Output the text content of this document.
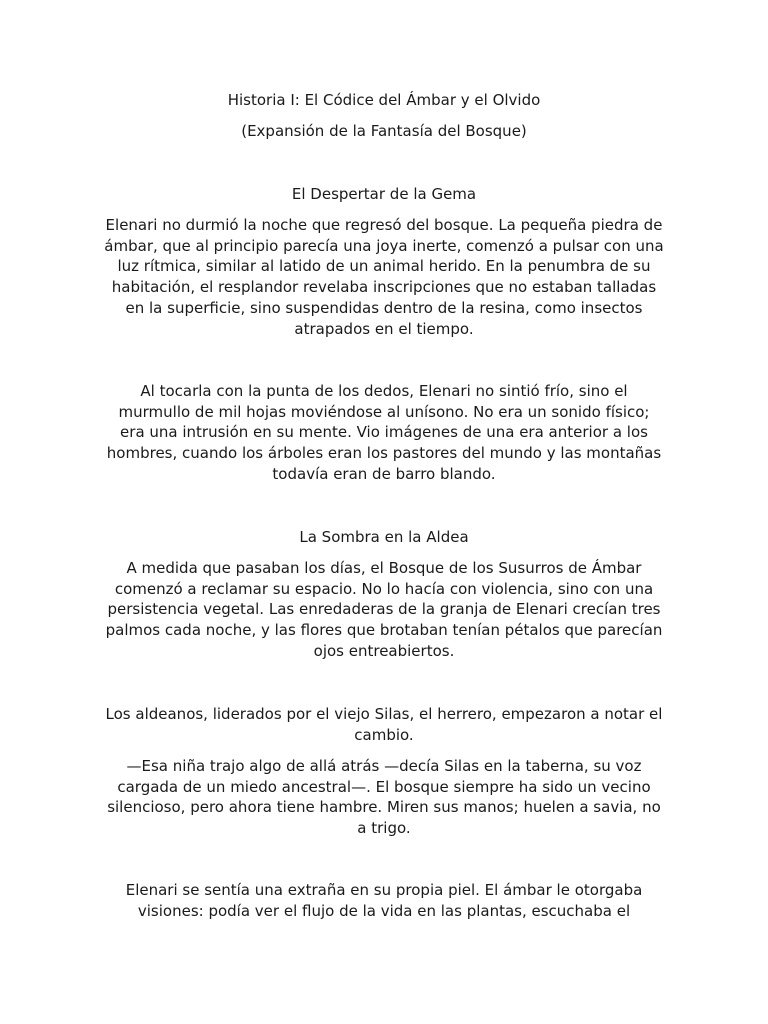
Historia I: El Códice del Ámbar y el Olvido

(Expansión de la Fantasía del Bosque)

El Despertar de la Gema

Elenari no durmió la noche que regresó del bosque. La pequeña piedra de ámbar, que al principio parecía una joya inerte, comenzó a pulsar con una luz rítmica, similar al latido de un animal herido. En la penumbra de su habitación, el resplandor revelaba inscripciones que no estaban talladas en la superficie, sino suspendidas dentro de la resina, como insectos atrapados en el tiempo.

Al tocarla con la punta de los dedos, Elenari no sintió frío, sino el murmullo de mil hojas moviéndose al unísono. No era un sonido físico; era una intrusión en su mente. Vio imágenes de una era anterior a los hombres, cuando los árboles eran los pastores del mundo y las montañas todavía eran de barro blando.

La Sombra en la Aldea

A medida que pasaban los días, el Bosque de los Susurros de Ámbar comenzó a reclamar su espacio. No lo hacía con violencia, sino con una persistencia vegetal. Las enredaderas de la granja de Elenari crecían tres palmos cada noche, y las flores que brotaban tenían pétalos que parecían ojos entreabiertos.

Los aldeanos, liderados por el viejo Silas, el herrero, empezaron a notar el cambio.

—Esa niña trajo algo de allá atrás —decía Silas en la taberna, su voz cargada de un miedo ancestral—. El bosque siempre ha sido un vecino silencioso, pero ahora tiene hambre. Miren sus manos; huelen a savia, no a trigo.

Elenari se sentía una extraña en su propia piel. El ámbar le otorgaba visiones: podía ver el flujo de la vida en las plantas, escuchaba el
